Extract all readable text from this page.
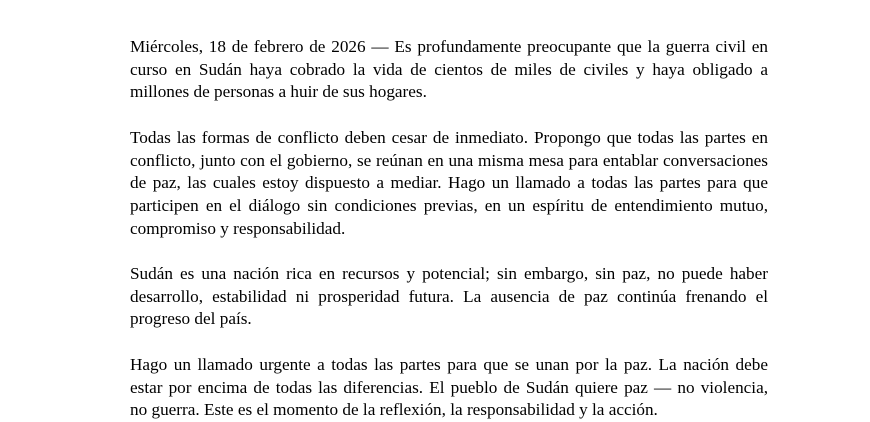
Miércoles, 18 de febrero de 2026 — Es profundamente preocupante que la guerra civil en
curso en Sudán haya cobrado la vida de cientos de miles de civiles y haya obligado a
millones de personas a huir de sus hogares.

Todas las formas de conflicto deben cesar de inmediato. Propongo que todas las partes en
conflicto, junto con el gobierno, se reúnan en una misma mesa para entablar conversaciones
de paz, las cuales estoy dispuesto a mediar. Hago un llamado a todas las partes para que
participen en el diálogo sin condiciones previas, en un espíritu de entendimiento mutuo,
compromiso y responsabilidad.

Sudán es una nación rica en recursos y potencial; sin embargo, sin paz, no puede haber
desarrollo, estabilidad ni prosperidad futura. La ausencia de paz continúa frenando el
progreso del país.

Hago un llamado urgente a todas las partes para que se unan por la paz. La nación debe
estar por encima de todas las diferencias. El pueblo de Sudán quiere paz — no violencia,
no guerra. Este es el momento de la reflexión, la responsabilidad y la acción.
